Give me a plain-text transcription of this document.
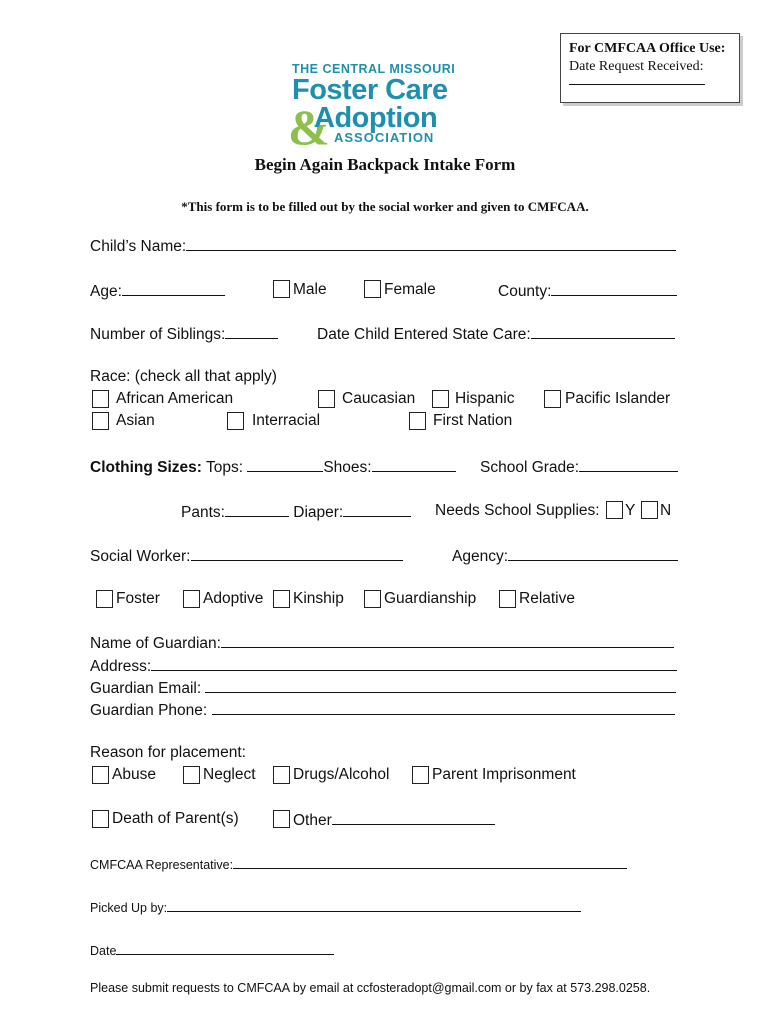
For CMFCAA Office Use:
Date Request Received:
THE CENTRAL MISSOURI
Foster Care
&
Adoption
ASSOCIATION
Begin Again Backpack Intake Form
*This form is to be filled out by the social worker and given to CMFCAA.
Child’s Name:
Age:	Male	Female	County:
Number of Siblings:	Date Child Entered State Care:
Race: (check all that apply)
African American	Caucasian	Hispanic	Pacific Islander
Asian	Interracial	First Nation
Clothing Sizes: Tops:	Shoes:	School Grade:
Pants:	Diaper:	Needs School Supplies: Y N
Social Worker:	Agency:
Foster	Adoptive Kinship	Guardianship	Relative
Name of Guardian:
Address:
Guardian Email:
Guardian Phone:
Reason for placement:
Abuse	Neglect Drugs/Alcohol	Parent Imprisonment
Death of Parent(s)	Other
CMFCAA Representative:
Picked Up by:
Date
Please submit requests to CMFCAA by email at ccfosteradopt@gmail.com or by fax at 573.298.0258.
